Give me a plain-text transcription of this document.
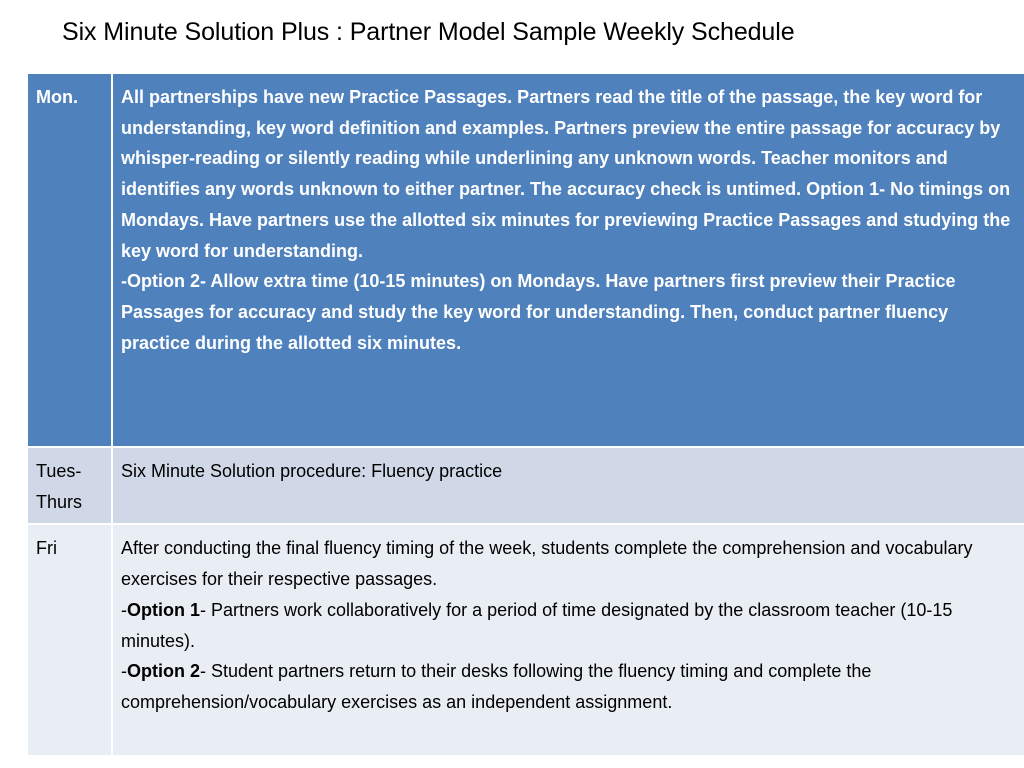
Six Minute Solution Plus : Partner Model Sample Weekly Schedule
Mon.	All partnerships have new Practice Passages. Partners read the title of the passage, the key word for understanding, key word definition and examples. Partners preview the entire passage for accuracy by whisper-reading or silently reading while underlining any unknown words. Teacher monitors and identifies any words unknown to either partner. The accuracy check is untimed. Option 1- No timings on Mondays. Have partners use the allotted six minutes for previewing Practice Passages and studying the key word for understanding.
-Option 2- Allow extra time (10-15 minutes) on Mondays. Have partners first preview their Practice Passages for accuracy and study the key word for understanding. Then, conduct partner fluency practice during the allotted six minutes.

Tues-Thurs	Six Minute Solution procedure: Fluency practice

Fri	After conducting the final fluency timing of the week, students complete the comprehension and vocabulary exercises for their respective passages.
-Option 1- Partners work collaboratively for a period of time designated by the classroom teacher (10-15 minutes).
-Option 2- Student partners return to their desks following the fluency timing and complete the comprehension/vocabulary exercises as an independent assignment.
